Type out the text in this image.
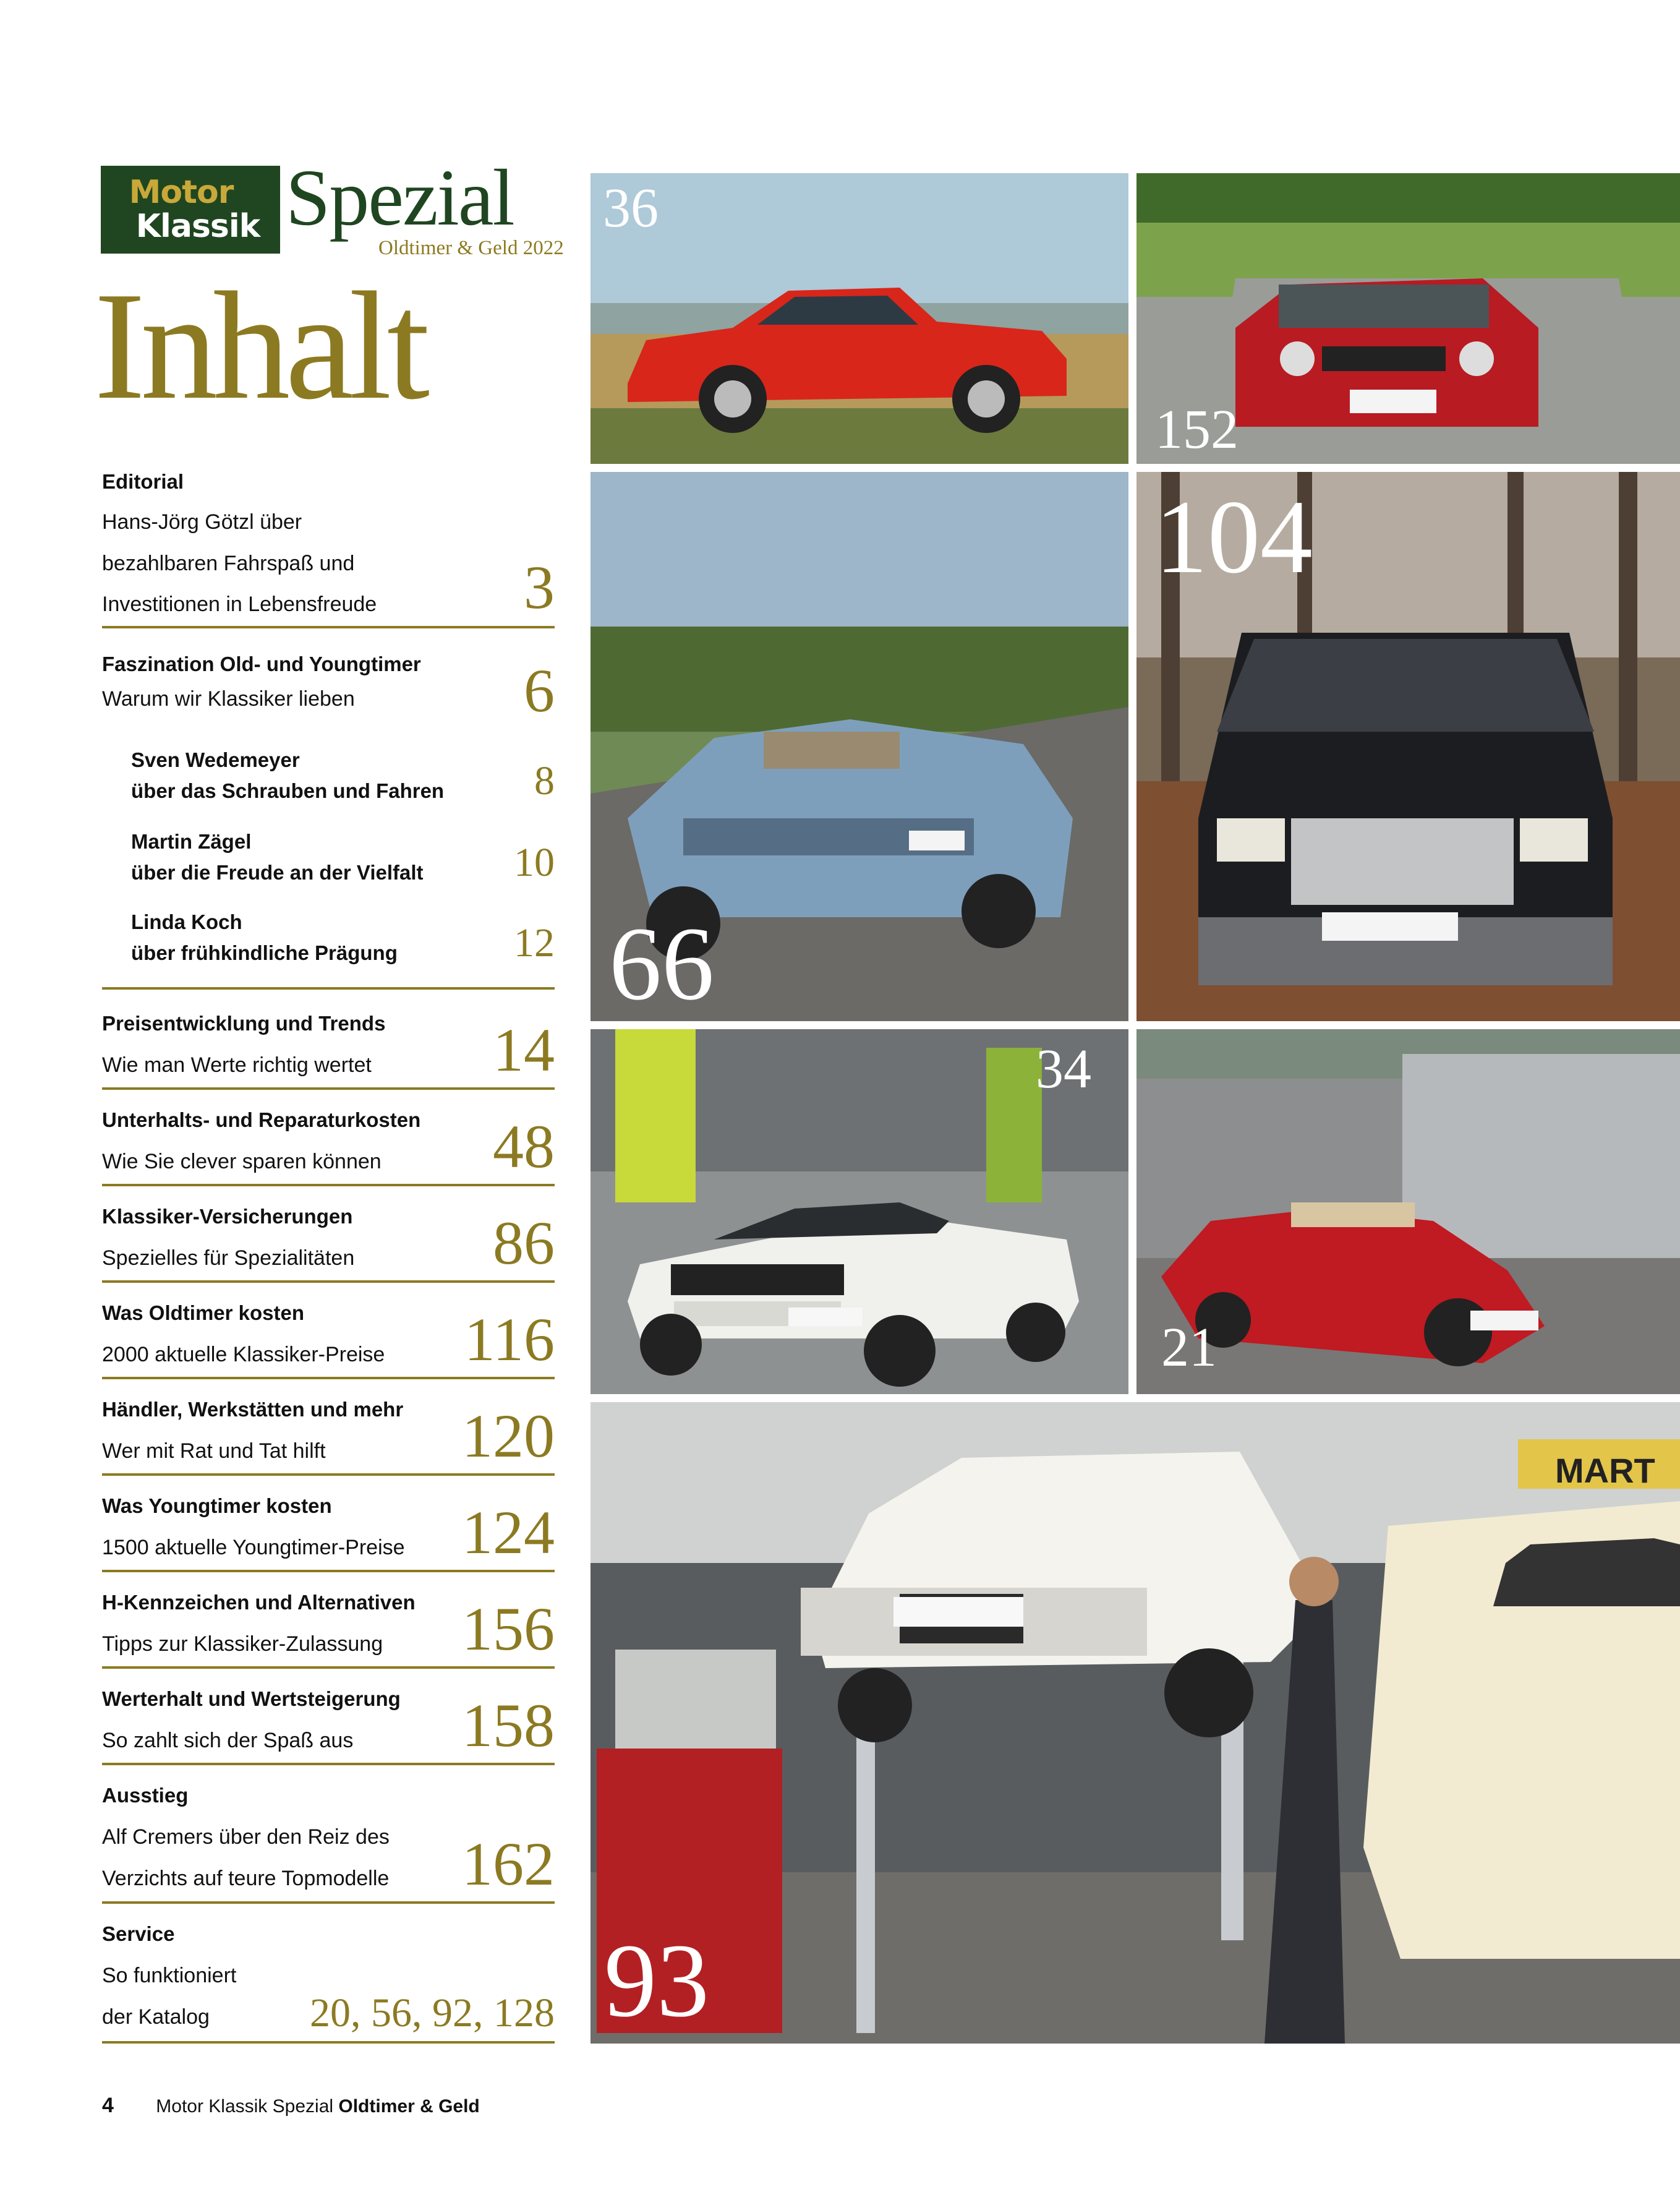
Motor
Klassik Spezial
Oldtimer & Geld 2022
Inhalt
Editorial
Hans-Jörg Götzl über
bezahlbaren Fahrspaß und
Investitionen in Lebensfreude 3
Faszination Old- und Youngtimer
Warum wir Klassiker lieben	6
Sven Wedemeyer
über das Schrauben und Fahren 8
Martin Zägel
über die Freude an der Vielfalt 10
Linda Koch
über frühkindliche Prägung	12
Preisentwicklung und Trends
Wie man Werte richtig wertet 14
Unterhalts- und Reparaturkosten
Wie Sie clever sparen können 48
Klassiker-Versicherungen
Spezielles für Spezialitäten 86
Was Oldtimer kosten
2000 aktuelle Klassiker-Preise 116
Händler, Werkstätten und mehr
Wer mit Rat und Tat hilft 120
Was Youngtimer kosten
1500 aktuelle Youngtimer-Preise 124
H-Kennzeichen und Alternativen
Tipps zur Klassiker-Zulassung 156
Werterhalt und Wertsteigerung
So zahlt sich der Spaß aus 158
Ausstieg
Alf Cremers über den Reiz des
Verzichts auf teure Topmodelle 162
Service
So funktioniert
der Katalog 20, 56, 92, 128
36
152
66
104
34
21
MART
93
4 Motor Klassik Spezial Oldtimer & Geld
